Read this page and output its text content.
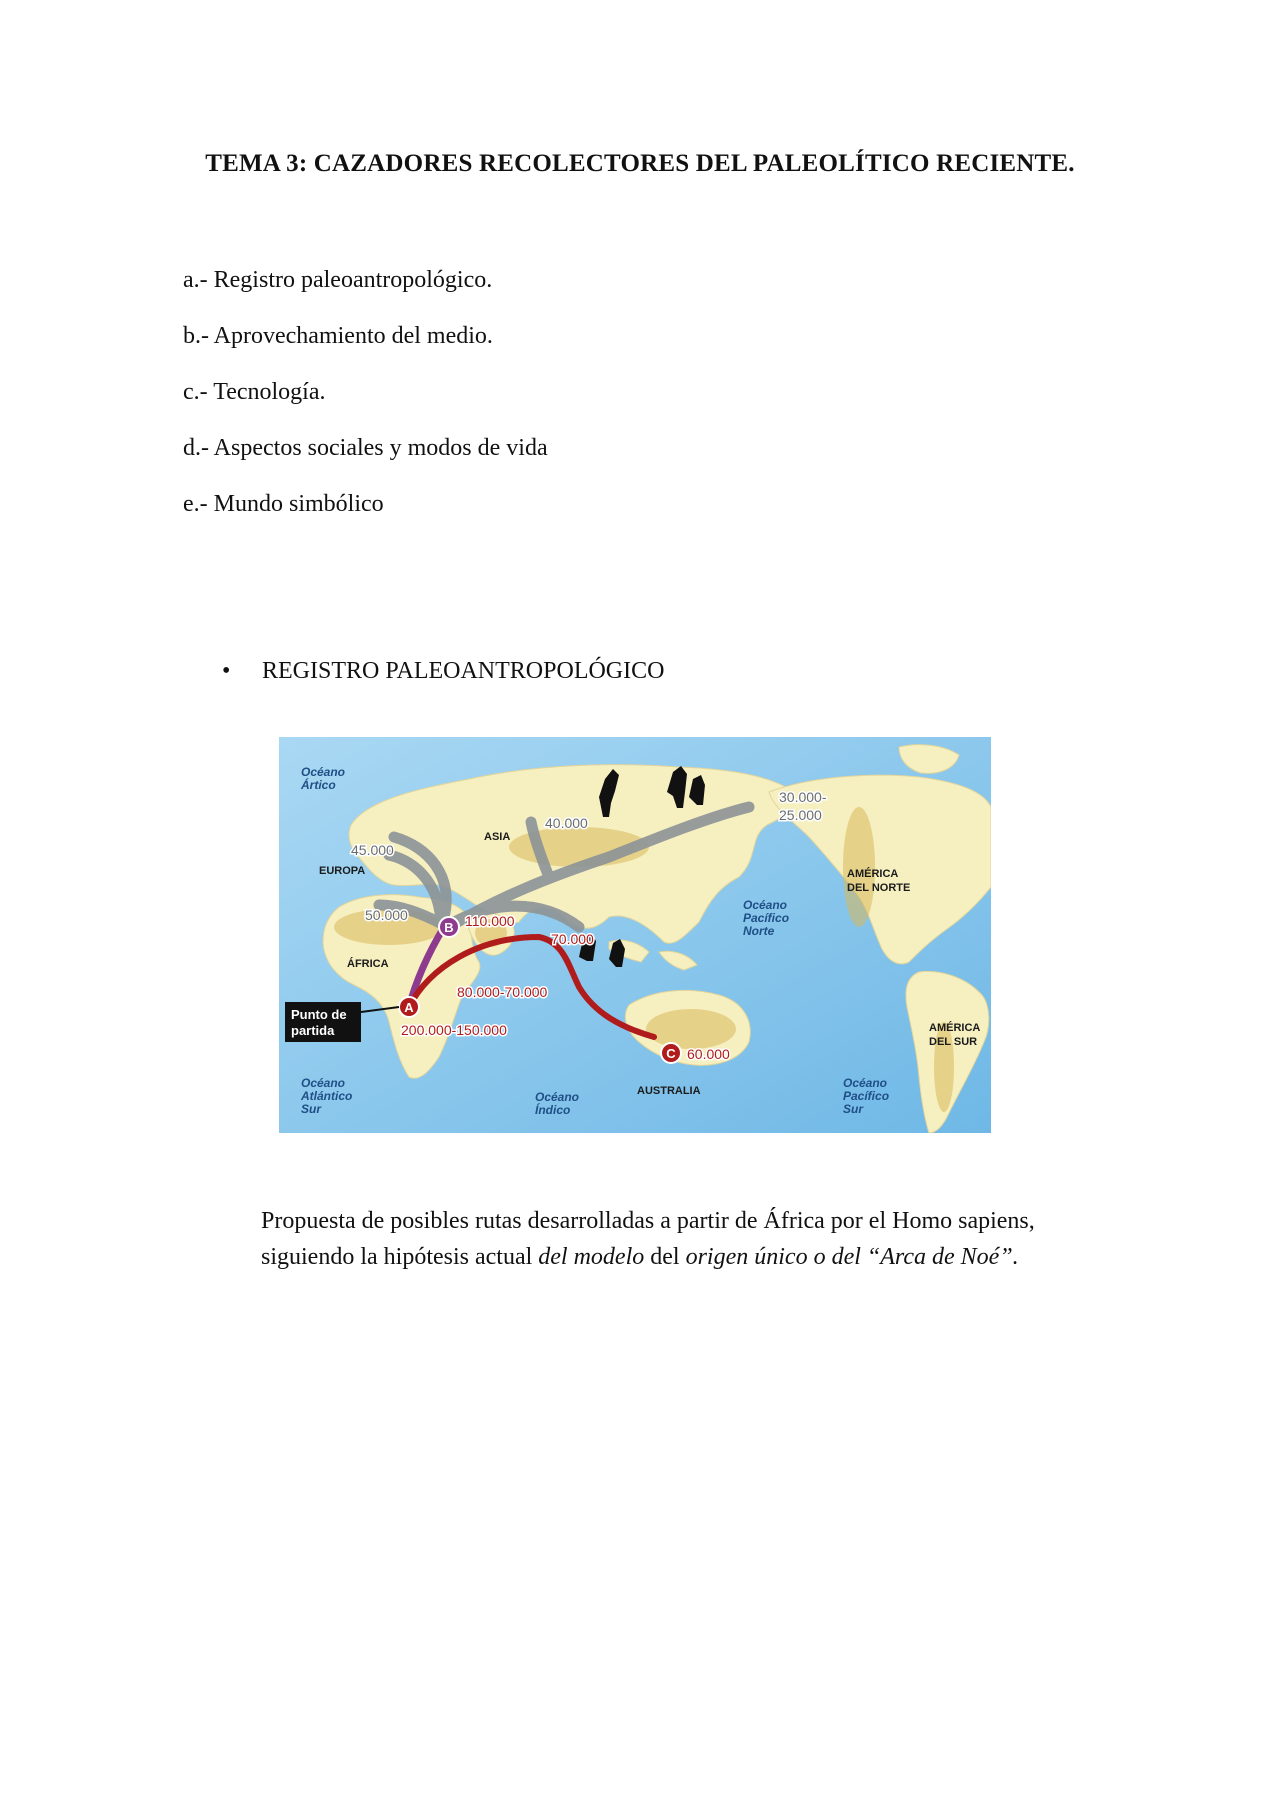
TEMA 3: CAZADORES RECOLECTORES DEL PALEOLÍTICO RECIENTE.
a.- Registro paleoantropológico.
b.- Aprovechamiento del medio.
c.- Tecnología.
d.- Aspectos sociales y modos de vida
e.- Mundo simbólico
• REGISTRO PALEOANTROPOLÓGICO
A
B
C
Punto de
partida
EUROPA
ASIA
ÁFRICA
AMÉRICA
DEL NORTE
AMÉRICA
DEL SUR
AUSTRALIA
Océano
Ártico
Océano
Pacífico
Norte
Océano
Atlántico
Sur
Océano
Índico
Océano
Pacífico
Sur
45.000
50.000
40.000
30.000-
25.000
110.000
70.000
80.000-70.000
200.000-150.000
60.000
Propuesta de posibles rutas desarrolladas a partir de África por el Homo sapiens,
siguiendo la hipótesis actual del modelo del origen único o del “Arca de Noé”.
